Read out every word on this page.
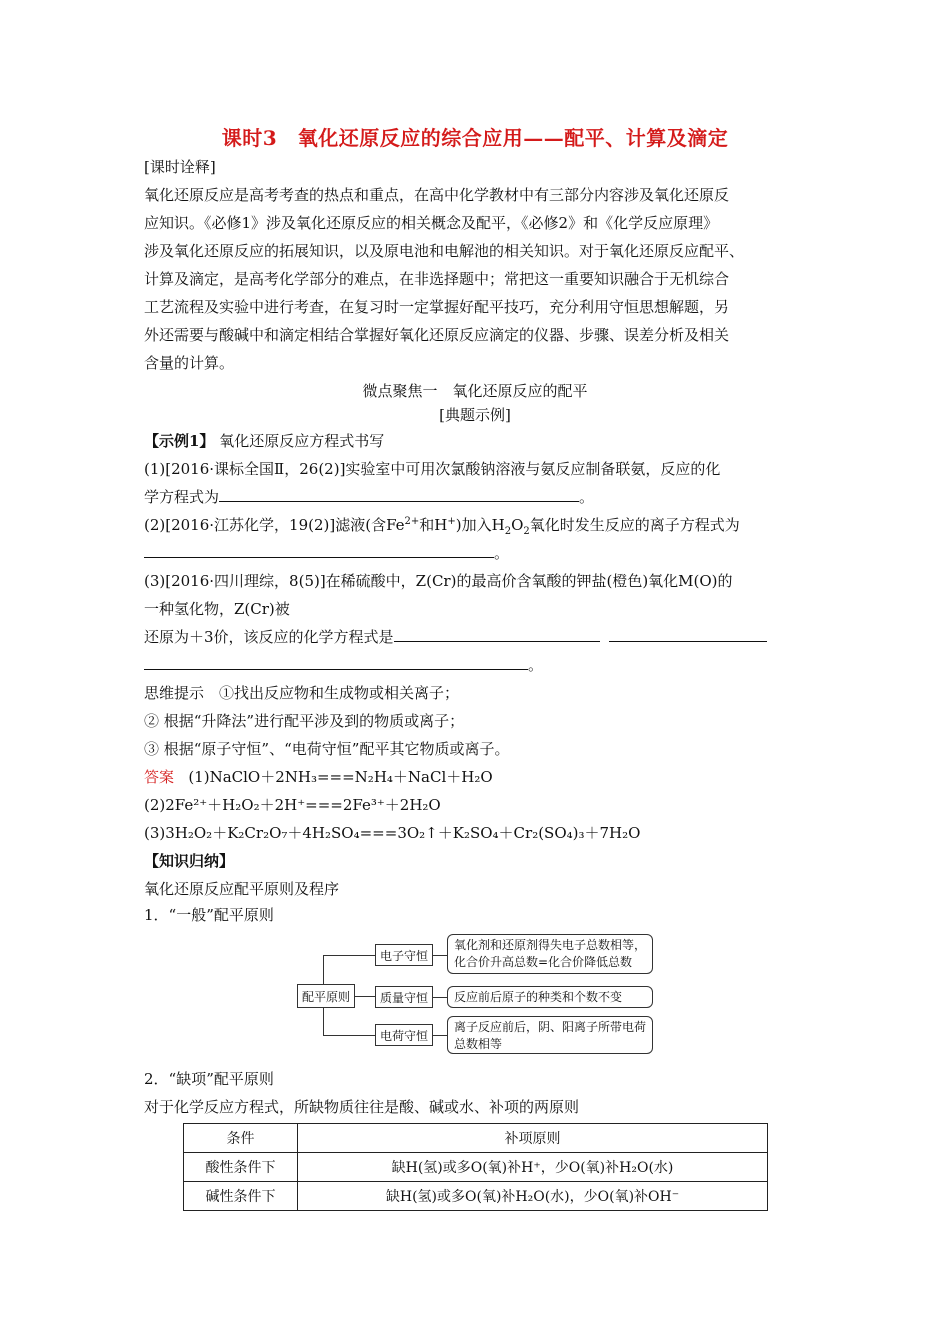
课时3　氧化还原反应的综合应用——配平、计算及滴定
[课时诠释]
氧化还原反应是高考考查的热点和重点，在高中化学教材中有三部分内容涉及氧化还原反
应知识。《必修1》涉及氧化还原反应的相关概念及配平，《必修2》和《化学反应原理》
涉及氧化还原反应的拓展知识，以及原电池和电解池的相关知识。对于氧化还原反应配平、
计算及滴定，是高考化学部分的难点，在非选择题中；常把这一重要知识融合于无机综合
工艺流程及实验中进行考查，在复习时一定掌握好配平技巧，充分利用守恒思想解题，另
外还需要与酸碱中和滴定相结合掌握好氧化还原反应滴定的仪器、步骤、误差分析及相关
含量的计算。
微点聚焦一　氧化还原反应的配平
[典题示例]
【示例1】 氧化还原反应方程式书写
(1)[2016·课标全国Ⅱ，26(2)]实验室中可用次氯酸钠溶液与氨反应制备联氨，反应的化
学方程式为	。
(2)[2016·江苏化学，19(2)]滤液(含$Fe^{2+}$和H+)加入$H_2O_2$氧化时发生反应的离子方程式为
。
(3)[2016·四川理综，8(5)]在稀硫酸中，Z(Cr)的最高价含氧酸的钾盐(橙色)氧化M(O)的
一种氢化物，Z(Cr)被
还原为＋3价，该反应的化学方程式是
。
思维提示　①找出反应物和生成物或相关离子；
② 根据“升降法”进行配平涉及到的物质或离子；
③ 根据“原子守恒”、“电荷守恒”配平其它物质或离子。
答案 (1)NaClO＋2NH₃===N₂H₄＋NaCl＋H₂O
(2)2Fe²⁺＋H₂O₂＋2H⁺===2Fe³⁺＋2H₂O
(3)3H₂O₂＋K₂Cr₂O₇＋4H₂SO₄===3O₂↑＋K₂SO₄＋Cr₂(SO₄)₃＋7H₂O
【知识归纳】
氧化还原反应配平原则及程序
1．“一般”配平原则
配平原则
电子守恒
质量守恒
电荷守恒
氧化剂和还原剂得失电子总数相等，化合价升高总数=化合价降低总数
反应前后原子的种类和个数不变
离子反应前后，阴、阳离子所带电荷总数相等
2．“缺项”配平原则
对于化学反应方程式，所缺物质往往是酸、碱或水、补项的两原则
条件	补项原则
酸性条件下	缺H(氢)或多O(氧)补H⁺，少O(氧)补H₂O(水)
碱性条件下	缺H(氢)或多O(氧)补H₂O(水)，少O(氧)补OH⁻
